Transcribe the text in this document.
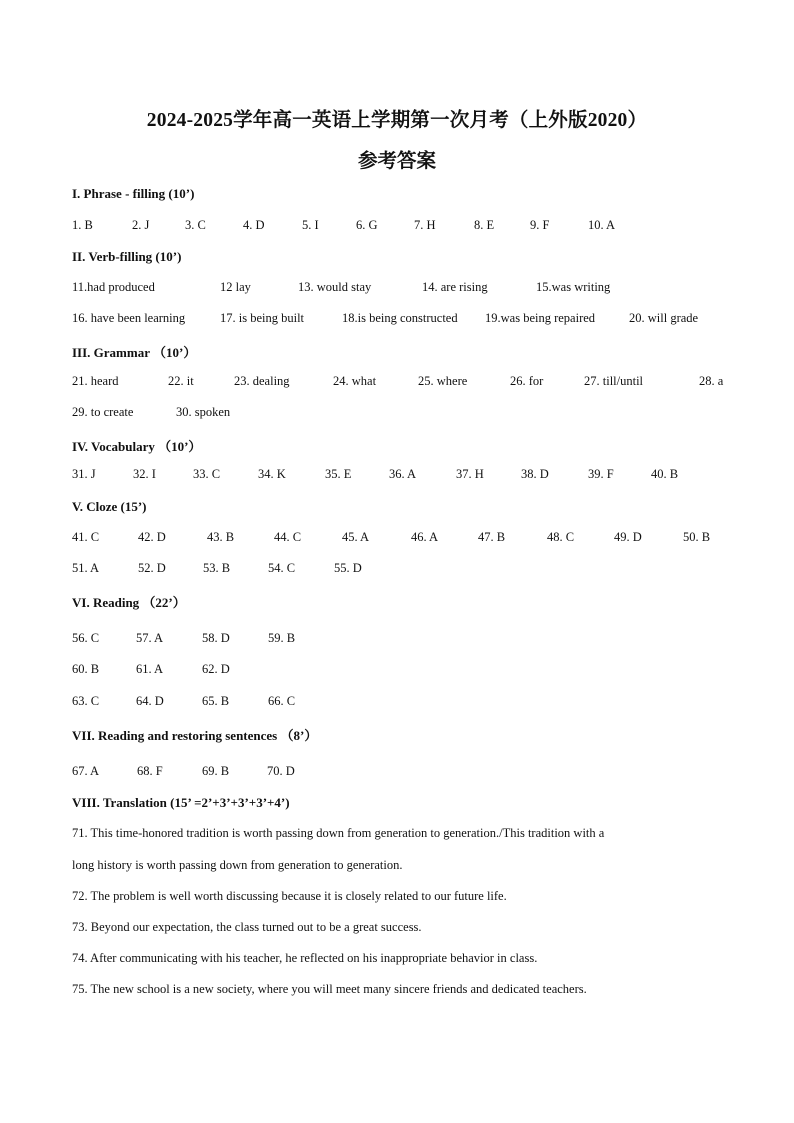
2024-2025学年高一英语上学期第一次月考（上外版2020）
参考答案
I. Phrase - filling (10’)
1. B	2. J	3. C	4. D	5. I	6. G	7. H	8. E	9. F	10. A
II. Verb-filling (10’)
11.had produced	12 lay	13. would stay	14. are rising	15.was writing
16. have been learning	17. is being built	18.is being constructed 19.was being repaired	20. will grade
III. Grammar （10’）
21. heard	22. it	23. dealing	24. what	25. where	26. for	27. till/until	28. a
29. to create	30. spoken
IV. Vocabulary （10’）
31. J	32. I	33. C	34. K	35. E	36. A	37. H	38. D	39. F	40. B
V. Cloze (15’)
41. C	42. D	43. B	44. C	45. A	46. A	47. B	48. C	49. D	50. B
51. A	52. D	53. B	54. C	55. D
VI. Reading （22’）
56. C	57. A	58. D	59. B
60. B	61. A	62. D
63. C	64. D	65. B	66. C
VII. Reading and restoring sentences （8’）
67. A	68. F	69. B	70. D
VIII. Translation (15’ =2’+3’+3’+3’+4’)
71. This time-honored tradition is worth passing down from generation to generation./This tradition with a
long history is worth passing down from generation to generation.
72. The problem is well worth discussing because it is closely related to our future life.
73. Beyond our expectation, the class turned out to be a great success.
74. After communicating with his teacher, he reflected on his inappropriate behavior in class.
75. The new school is a new society, where you will meet many sincere friends and dedicated teachers.
